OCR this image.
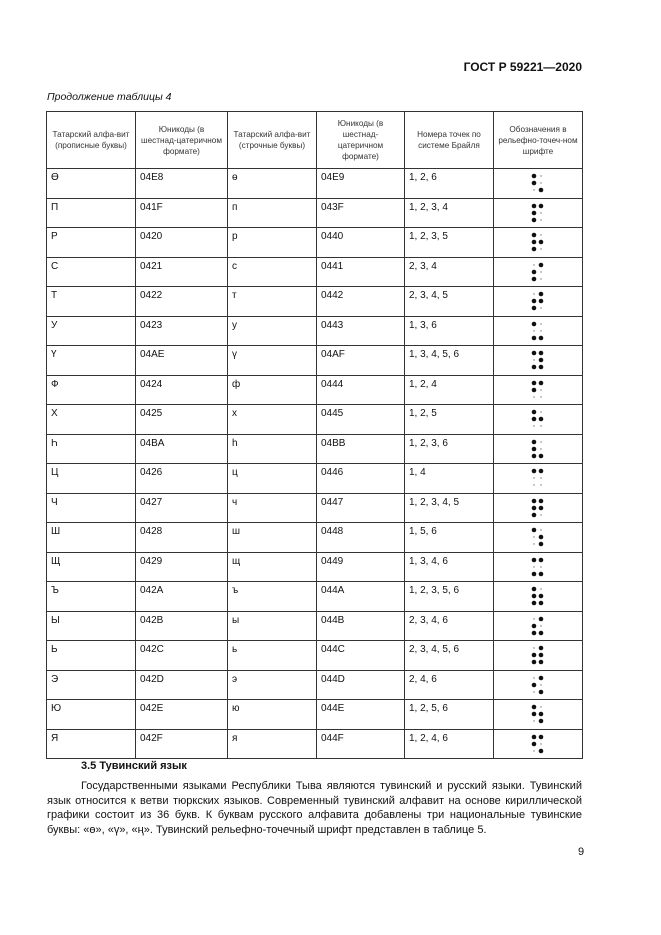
ГОСТ Р 59221—2020
Продолжение таблицы 4
Татарский алфа-вит (прописные буквы)	Юникоды (в шестнад-цатеричном формате)	Татарский алфа-вит (строчные буквы)	Юникоды (в шестнад-цатеричном формате)	Номера точек по системе Брайля	Обозначения в рельефно-точеч-ном шрифте
Ө	04E8	ө	04E9	1, 2, 6	

П	041F	п	043F	1, 2, 3, 4	

Р	0420	р	0440	1, 2, 3, 5	

С	0421	с	0441	2, 3, 4	

Т	0422	т	0442	2, 3, 4, 5	

У	0423	у	0443	1, 3, 6	

Ү	04AE	ү	04AF	1, 3, 4, 5, 6	

Ф	0424	ф	0444	1, 2, 4	

Х	0425	х	0445	1, 2, 5	

Һ	04BA	һ	04BB	1, 2, 3, 6	

Ц	0426	ц	0446	1, 4	

Ч	0427	ч	0447	1, 2, 3, 4, 5	

Ш	0428	ш	0448	1, 5, 6	

Щ	0429	щ	0449	1, 3, 4, 6	

Ъ	042A	ъ	044A	1, 2, 3, 5, 6	

Ы	042B	ы	044B	2, 3, 4, 6	

Ь	042C	ь	044C	2, 3, 4, 5, 6	

Э	042D	э	044D	2, 4, 6	

Ю	042E	ю	044E	1, 2, 5, 6	

Я	042F	я	044F	1, 2, 4, 6	
3.5 Тувинский язык
Государственными языками Республики Тыва являются тувинский и русский языки. Тувинский язык относится к ветви тюркских языков. Современный тувинский алфавит на основе кириллической графики состоит из 36 букв. К буквам русского алфавита добавлены три национальные тувинские буквы: «ө», «ү», «ң». Тувинский рельефно-точечный шрифт представлен в таблице 5.
9
